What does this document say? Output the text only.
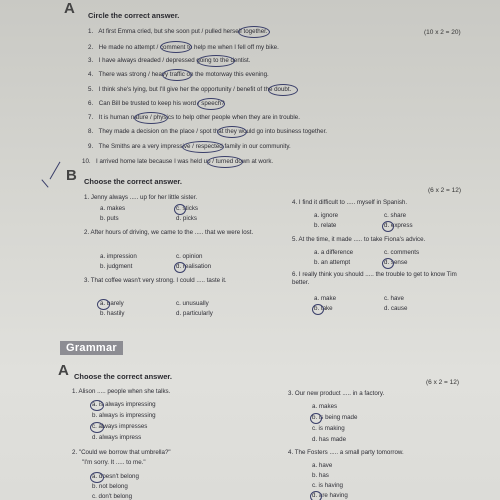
A Circle the correct answer.
(10 x 2 = 20)
1. At first Emma cried, but she soon put / pulled herself together.
2. He made no attempt / comment to help me when I fell off my bike.
3. I have always dreaded / depressed going to the dentist.
4. There was strong / heavy traffic on the motorway this evening.
5. I think she's lying, but I'll give her the opportunity / benefit of the doubt.
6. Can Bill be trusted to keep his word / speech?
7. It is human nature / physics to help other people when they are in trouble.
8. They made a decision on the place / spot that they would go into business together.
9. The Smiths are a very impressive / respected family in our community.
10. I arrived home late because I was held up / turned down at work.
B Choose the correct answer.
(6 x 2 = 12)
1. Jenny always ..... up for her little sister.
a. makes
b. puts
c. sticks
d. picks
2. After hours of driving, we came to the ..... that we were lost.
a. impression
b. judgment
c. opinion
d. realisation
3. That coffee wasn't very strong. I could ..... taste it.
a. barely
b. hastily
c. unusually
d. particularly
4. I find it difficult to ..... myself in Spanish.
a. ignore
b. relate
c. share
d. express
5. At the time, it made ..... to take Fiona's advice.
a. a difference
b. an attempt
c. comments
d. sense
6. I really think you should ..... the trouble to get to know Tim better.
a. make
b. take
c. have
d. cause
Grammar
A Choose the correct answer.
(6 x 2 = 12)
1. Alison ..... people when she talks.
a. is always impressing
b. always is impressing
c. always impresses
d. always impress
2. "Could we borrow that umbrella?"
"I'm sorry. It ..... to me."
a. doesn't belong
b. not belong
c. don't belong
3. Our new product ..... in a factory.
a. makes
b. is being made
c. is making
d. has made
4. The Fosters ..... a small party tomorrow.
a. have
b. has
c. is having
d. are having
